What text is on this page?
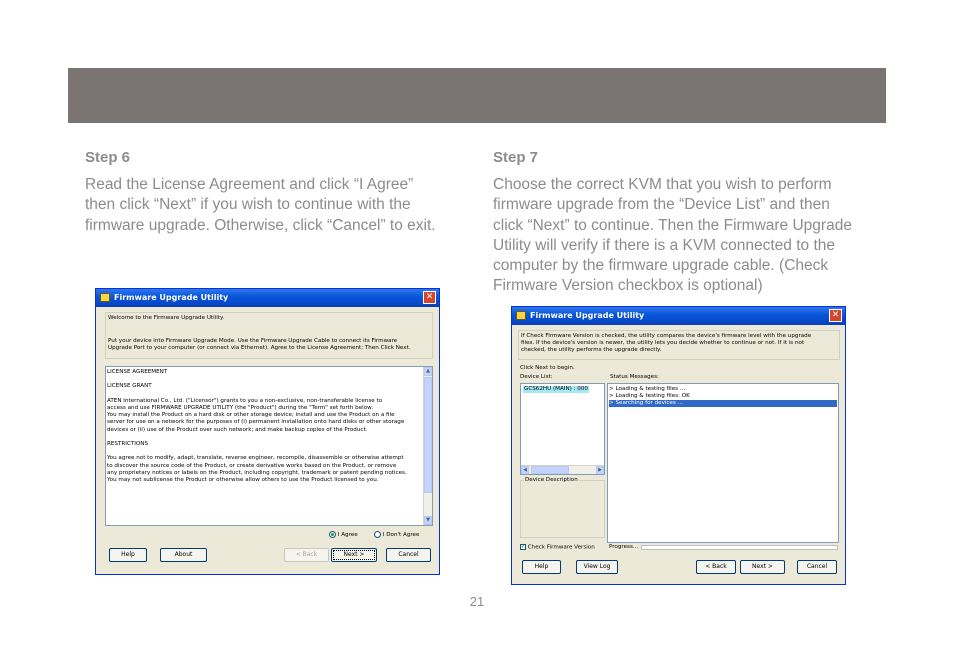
Step 6
Read the License Agreement and click “I Agree”
then click “Next” if you wish to continue with the
firmware upgrade. Otherwise, click “Cancel” to exit.
Step 7
Choose the correct KVM that you wish to perform
firmware upgrade from the “Device List” and then
click “Next” to continue. Then the Firmware Upgrade
Utility will verify if there is a KVM connected to the
computer by the firmware upgrade cable. (Check
Firmware Version checkbox is optional)
Firmware Upgrade Utility	✕
Welcome to the Firmware Upgrade Utility.
Put your device into Firmware Upgrade Mode. Use the Firmware Upgrade Cable to connect its Firmware
Upgrade Port to your computer (or connect via Ethernet). Agree to the License Agreement; Then Click Next.
LICENSE AGREEMENT
LICENSE GRANT
ATEN International Co., Ltd. ("Licensor") grants to you a non-exclusive, non-transferable license to
access and use FIRMWARE UPGRADE UTILITY (the "Product") during the "Term" set forth below.
You may install the Product on a hard disk or other storage device; install and use the Product on a file
server for use on a network for the purposes of (i) permanent installation onto hard disks or other storage
devices or (ii) use of the Product over such network; and make backup copies of the Product.
RESTRICTIONS
You agree not to modify, adapt, translate, reverse engineer, recompile, disassemble or otherwise attempt
to discover the source code of the Product, or create derivative works based on the Product, or remove
any proprietary notices or labels on the Product, including copyright, trademark or patent pending notices.
You may not sublicense the Product or otherwise allow others to use the Product licensed to you.
▲
▼
I Agree	I Don't Agree
Help	About	< Back	Next >	Cancel
Firmware Upgrade Utility	✕
If Check Firmware Version is checked, the utility compares the device's firmware level with the upgrade
files. If the device's version is newer, the utility lets you decide whether to continue or not. If it is not
checked, the utility performs the upgrade directly.
Click Next to begin.
Device List:	Status Messages:
GCS62HU (MAIN) : 000
◀	▶
> Loading & testing files ...
> Loading & testing files: OK
> Searching for devices ...
Device Description
✔ Check Firmware Version	Progress...
Help	View Log	< Back	Next >	Cancel
21
